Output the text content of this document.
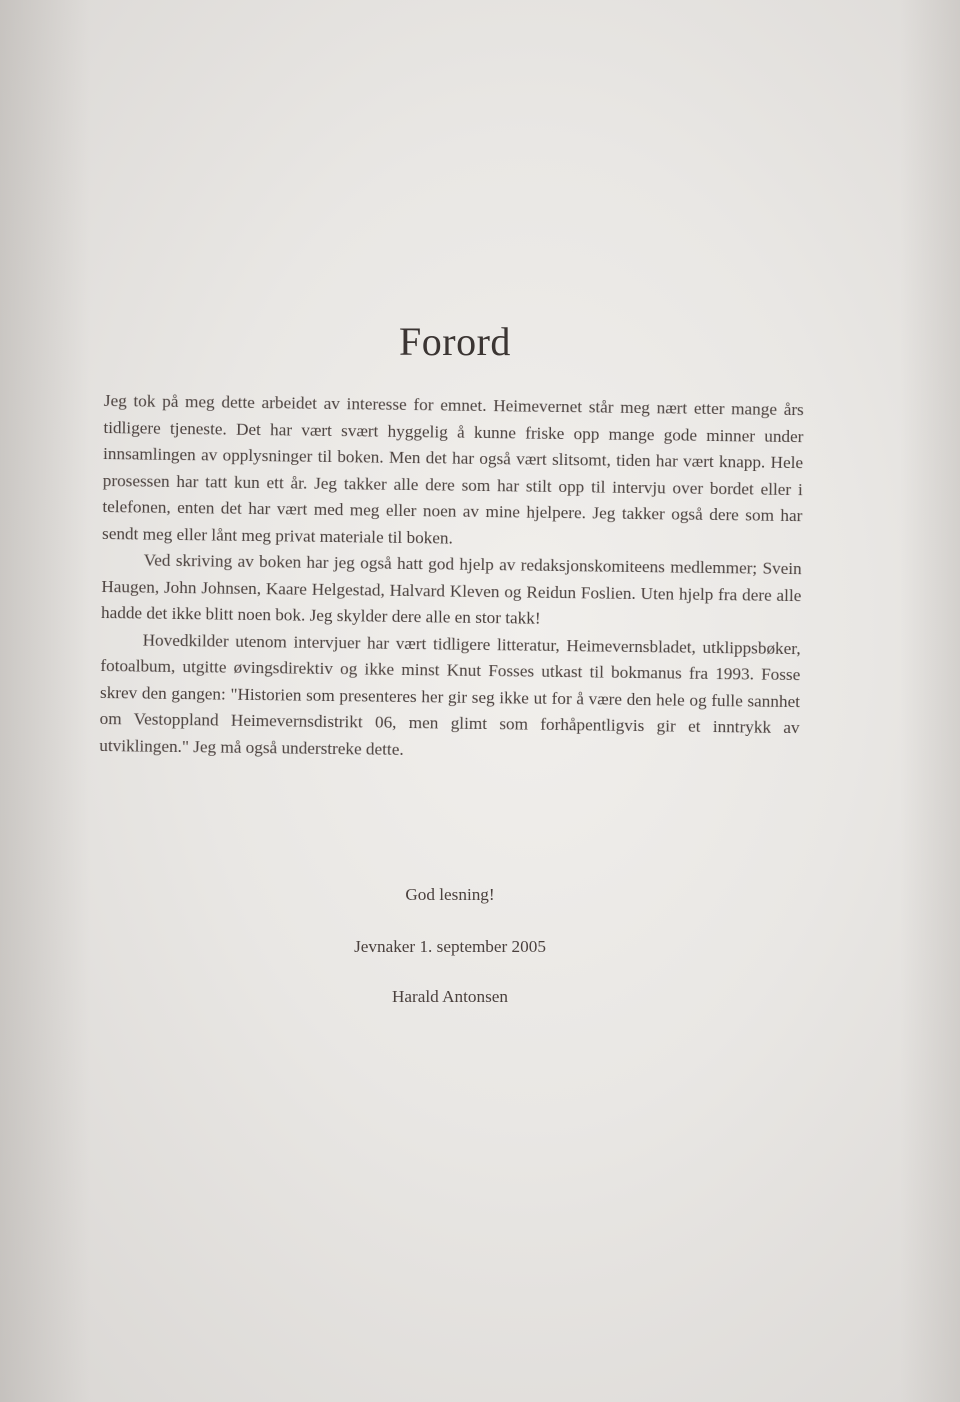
Forord

Jeg tok på meg dette arbeidet av interesse for emnet. Heimevernet står meg nært etter mange års tidligere tjeneste. Det har vært svært hyggelig å kunne friske opp mange gode minner under innsamlingen av opplysninger til boken. Men det har også vært slitsomt, tiden har vært knapp. Hele prosessen har tatt kun ett år. Jeg takker alle dere som har stilt opp til intervju over bordet eller i telefonen, enten det har vært med meg eller noen av mine hjelpere. Jeg takker også dere som har sendt meg eller lånt meg privat materiale til boken.

Ved skriving av boken har jeg også hatt god hjelp av redaksjonskomiteens medlemmer; Svein Haugen, John Johnsen, Kaare Helgestad, Halvard Kleven og Reidun Foslien. Uten hjelp fra dere alle hadde det ikke blitt noen bok. Jeg skylder dere alle en stor takk!

Hovedkilder utenom intervjuer har vært tidligere litteratur, Heimevernsbladet, utklippsbøker, fotoalbum, utgitte øvingsdirektiv og ikke minst Knut Fosses utkast til bokmanus fra 1993. Fosse skrev den gangen: "Historien som presenteres her gir seg ikke ut for å være den hele og fulle sannhet om Vestoppland Heimevernsdistrikt 06, men glimt som forhåpentligvis gir et inntrykk av utviklingen." Jeg må også understreke dette.

God lesning!
Jevnaker 1. september 2005
Harald Antonsen
